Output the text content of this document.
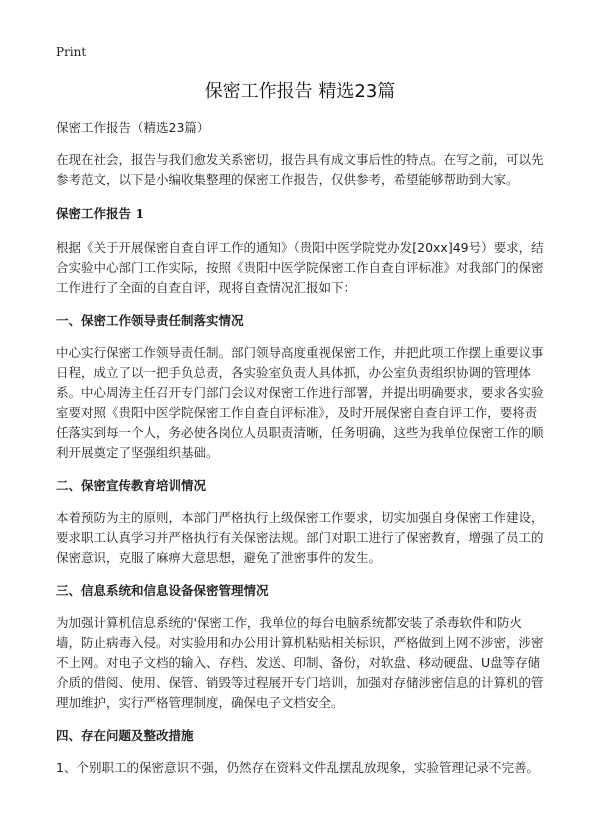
Print
保密工作报告 精选23篇

保密工作报告（精选23篇）

在现在社会，报告与我们愈发关系密切，报告具有成文事后性的特点。在写之前，可以先参考范文，以下是小编收集整理的保密工作报告，仅供参考，希望能够帮助到大家。

保密工作报告 1

根据《关于开展保密自查自评工作的通知》（贵阳中医学院党办发[20xx]49号）要求，结合实验中心部门工作实际，按照《贵阳中医学院保密工作自查自评标准》对我部门的保密工作进行了全面的自查自评，现将自查情况汇报如下：

一、保密工作领导责任制落实情况

中心实行保密工作领导责任制。部门领导高度重视保密工作，并把此项工作摆上重要议事日程，成立了以一把手负总责，各实验室负责人具体抓，办公室负责组织协调的管理体系。中心周涛主任召开专门部门会议对保密工作进行部署，并提出明确要求，要求各实验室要对照《贵阳中医学院保密工作自查自评标准》，及时开展保密自查自评工作，要将责任落实到每一个人，务必使各岗位人员职责清晰，任务明确，这些为我单位保密工作的顺利开展奠定了坚强组织基础。

二、保密宣传教育培训情况

本着预防为主的原则，本部门严格执行上级保密工作要求，切实加强自身保密工作建设，要求职工认真学习并严格执行有关保密法规。部门对职工进行了保密教育，增强了员工的保密意识，克服了麻痹大意思想，避免了泄密事件的发生。

三、信息系统和信息设备保密管理情况

为加强计算机信息系统的'保密工作，我单位的每台电脑系统都安装了杀毒软件和防火墙，防止病毒入侵。对实验用和办公用计算机粘贴相关标识，严格做到上网不涉密，涉密不上网。对电子文档的输入、存档、发送、印制、备份，对软盘、移动硬盘、U盘等存储介质的借阅、使用、保管、销毁等过程展开专门培训，加强对存储涉密信息的计算机的管理加维护，实行严格管理制度，确保电子文档安全。

四、存在问题及整改措施

1、个别职工的保密意识不强，仍然存在资料文件乱摆乱放现象，实验管理记录不完善。
